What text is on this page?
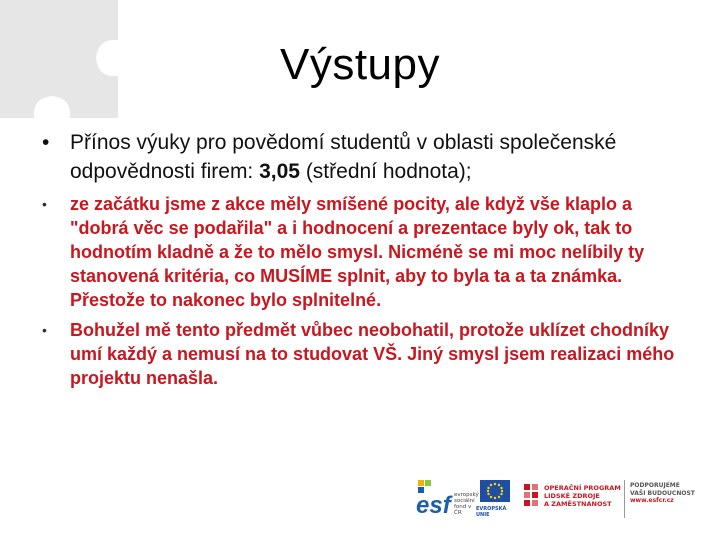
Výstupy
• Přínos výuky pro povědomí studentů v oblasti společenské odpovědnosti firem: 3,05 (střední hodnota);
• ze začátku jsme z akce měly smíšené pocity, ale když vše klaplo a "dobrá věc se podařila" a i hodnocení a prezentace byly ok, tak to hodnotím kladně a že to mělo smysl. Nicméně se mi moc nelíbily ty stanovená kritéria, co MUSÍME splnit, aby to byla ta a ta známka. Přestože to nakonec bylo splnitelné.
• Bohužel mě tento předmět vůbec neobohatil, protože uklízet chodníky umí každý a nemusí na to studovat VŠ. Jiný smysl jsem realizaci mého projektu nenašla.
esf evropský
sociální
fond v ČR
EVROPSKÁ UNIE
OPERAČNÍ PROGRAM
LIDSKÉ ZDROJE
A ZAMĚSTNANOST
PODPORUJEME
VAŠI BUDOUCNOST
www.esfcr.cz
